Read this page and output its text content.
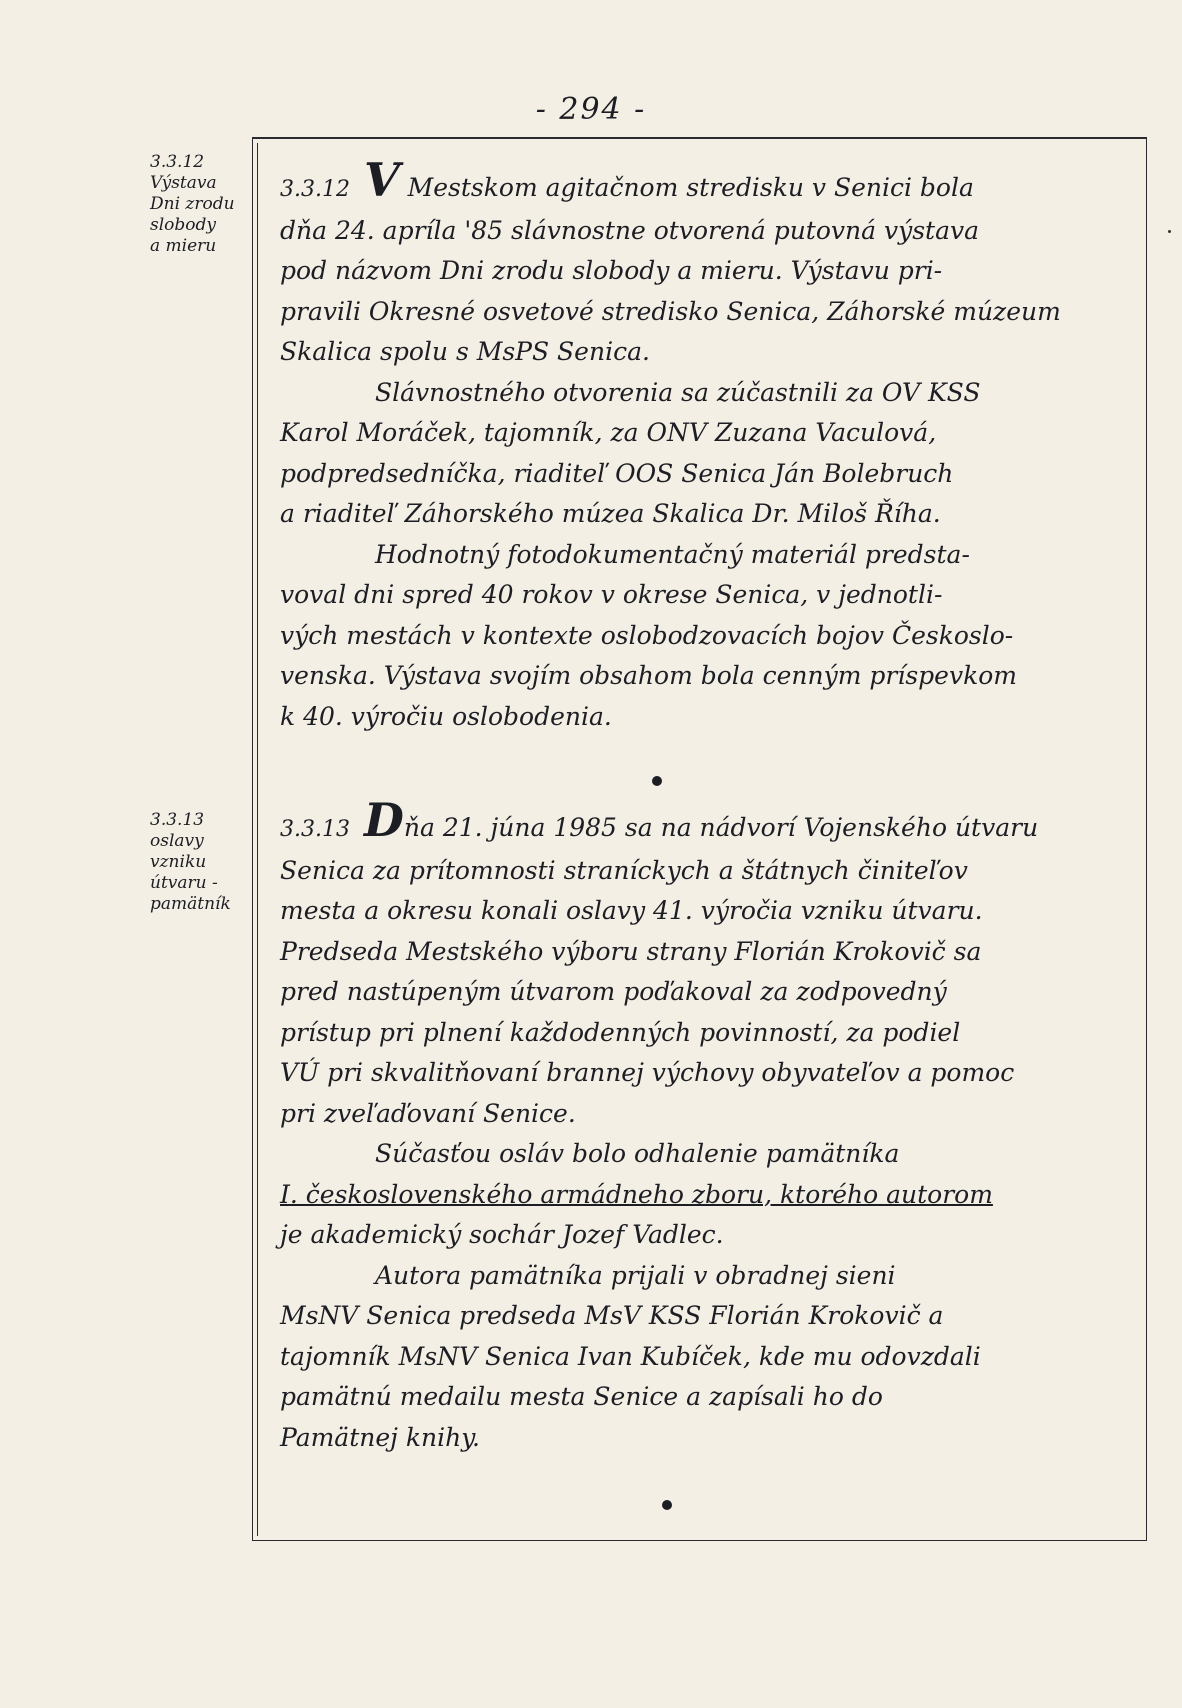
- 294 -
3.3.12
Výstava
Dni zrodu
slobody
a mieru
3.3.13
oslavy
vzniku
útvaru -
pamätník

3.3.12 V Mestskom agitačnom stredisku v Senici bola

dňa 24. apríla '85 slávnostne otvorená putovná výstava

pod názvom Dni zrodu slobody a mieru. Výstavu pri-

pravili Okresné osvetové stredisko Senica, Záhorské múzeum

Skalica spolu s MsPS Senica.

Slávnostného otvorenia sa zúčastnili za OV KSS

Karol Moráček, tajomník, za ONV Zuzana Vaculová,

podpredsedníčka, riaditeľ OOS Senica Ján Bolebruch

a riaditeľ Záhorského múzea Skalica Dr. Miloš Říha.

Hodnotný fotodokumentačný materiál predsta-

voval dni spred 40 rokov v okrese Senica, v jednotli-

vých mestách v kontexte oslobodzovacích bojov Českoslo-

venska. Výstava svojím obsahom bola cenným príspevkom

k 40. výročiu oslobodenia.

3.3.13 Dňa 21. júna 1985 sa na nádvorí Vojenského útvaru

Senica za prítomnosti straníckych a štátnych činiteľov

mesta a okresu konali oslavy 41. výročia vzniku útvaru.

Predseda Mestského výboru strany Florián Krokovič sa

pred nastúpeným útvarom poďakoval za zodpovedný

prístup pri plnení každodenných povinností, za podiel

VÚ pri skvalitňovaní brannej výchovy obyvateľov a pomoc

pri zveľaďovaní Senice.

Súčasťou osláv bolo odhalenie pamätníka

I. československého armádneho zboru, ktorého autorom

je akademický sochár Jozef Vadlec.

Autora pamätníka prijali v obradnej sieni

MsNV Senica predseda MsV KSS Florián Krokovič a

tajomník MsNV Senica Ivan Kubíček, kde mu odovzdali

pamätnú medailu mesta Senice a zapísali ho do

Pamätnej knihy.
